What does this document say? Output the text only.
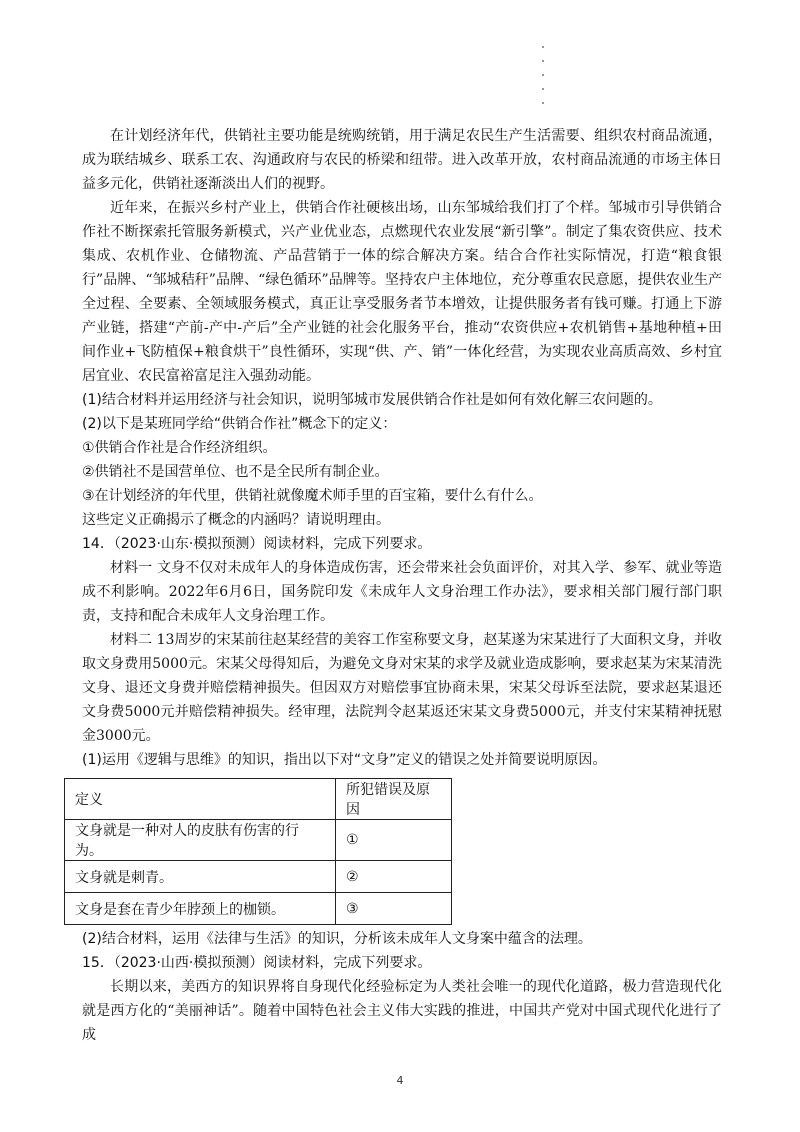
在计划经济年代，供销社主要功能是统购统销，用于满足农民生产生活需要、组织农村商品流通，成为联结城乡、联系工农、沟通政府与农民的桥梁和纽带。进入改革开放，农村商品流通的市场主体日益多元化，供销社逐渐淡出人们的视野。

近年来，在振兴乡村产业上，供销合作社硬核出场，山东邹城给我们打了个样。邹城市引导供销合作社不断探索托管服务新模式，兴产业优业态，点燃现代农业发展“新引擎”。制定了集农资供应、技术集成、农机作业、仓储物流、产品营销于一体的综合解决方案。结合合作社实际情况，打造“粮食银行”品牌、“邹城秸秆”品牌、“绿色循环”品牌等。坚持农户主体地位，充分尊重农民意愿，提供农业生产全过程、全要素、全领域服务模式，真正让享受服务者节本增效，让提供服务者有钱可赚。打通上下游产业链，搭建“产前-产中-产后”全产业链的社会化服务平台，推动“农资供应+农机销售+基地种植+田间作业+飞防植保+粮食烘干”良性循环，实现“供、产、销”一体化经营，为实现农业高质高效、乡村宜居宜业、农民富裕富足注入强劲动能。

(1)结合材料并运用经济与社会知识，说明邹城市发展供销合作社是如何有效化解三农问题的。

(2)以下是某班同学给“供销合作社”概念下的定义：

①供销合作社是合作经济组织。

②供销社不是国营单位、也不是全民所有制企业。

③在计划经济的年代里，供销社就像魔术师手里的百宝箱，要什么有什么。

这些定义正确揭示了概念的内涵吗？请说明理由。

14．（2023·山东·模拟预测）阅读材料，完成下列要求。

材料一 文身不仅对未成年人的身体造成伤害，还会带来社会负面评价，对其入学、参军、就业等造成不利影响。2022年6月6日，国务院印发《未成年人文身治理工作办法》，要求相关部门履行部门职责，支持和配合未成年人文身治理工作。

材料二 13周岁的宋某前往赵某经营的美容工作室称要文身，赵某遂为宋某进行了大面积文身，并收取文身费用5000元。宋某父母得知后，为避免文身对宋某的求学及就业造成影响，要求赵某为宋某清洗文身、退还文身费并赔偿精神损失。但因双方对赔偿事宜协商未果，宋某父母诉至法院，要求赵某退还文身费5000元并赔偿精神损失。经审理，法院判令赵某返还宋某文身费5000元，并支付宋某精神抚慰金3000元。

(1)运用《逻辑与思维》的知识，指出以下对“文身”定义的错误之处并简要说明原因。

定义	所犯错误及原因
文身就是一种对人的皮肤有伤害的行为。	①
文身就是刺青。	②
文身是套在青少年脖颈上的枷锁。	③

(2)结合材料，运用《法律与生活》的知识，分析该未成年人文身案中蕴含的法理。

15．（2023·山西·模拟预测）阅读材料，完成下列要求。

长期以来，美西方的知识界将自身现代化经验标定为人类社会唯一的现代化道路，极力营造现代化就是西方化的“美丽神话”。随着中国特色社会主义伟大实践的推进，中国共产党对中国式现代化进行了成

4
